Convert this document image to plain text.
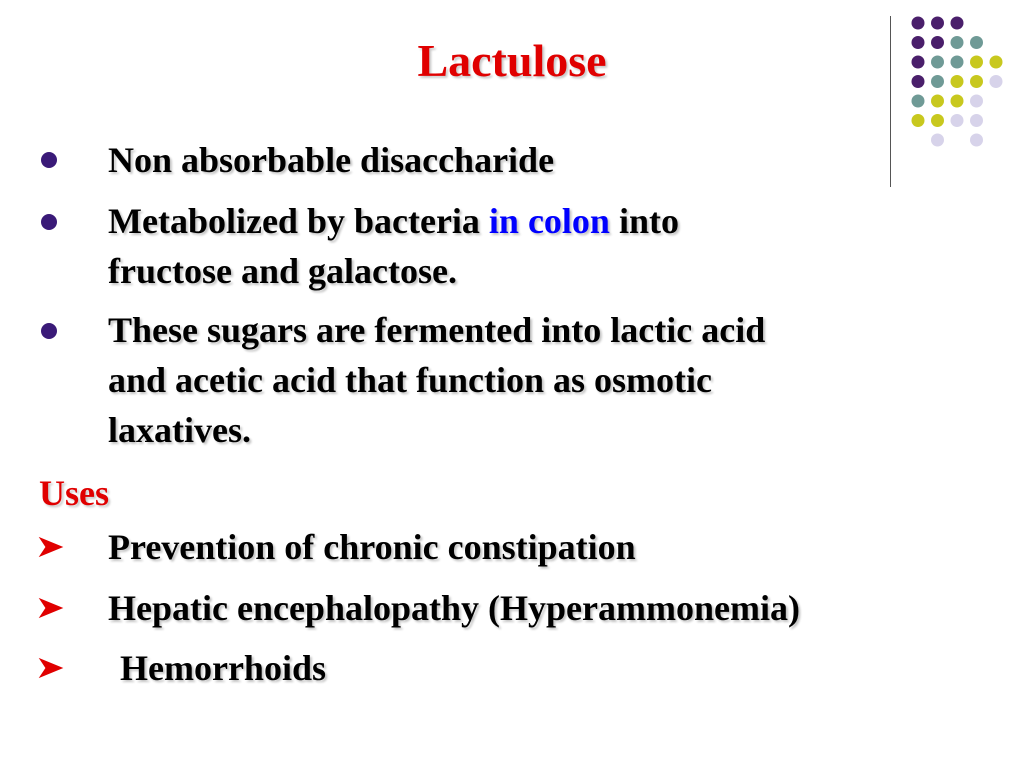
Lactulose
Non absorbable disaccharide
Metabolized by bacteria in colon into
fructose and galactose.
These sugars are fermented into lactic acid
and acetic acid that function as osmotic
laxatives.
Uses
Prevention of chronic constipation
Hepatic encephalopathy (Hyperammonemia)
Hemorrhoids
